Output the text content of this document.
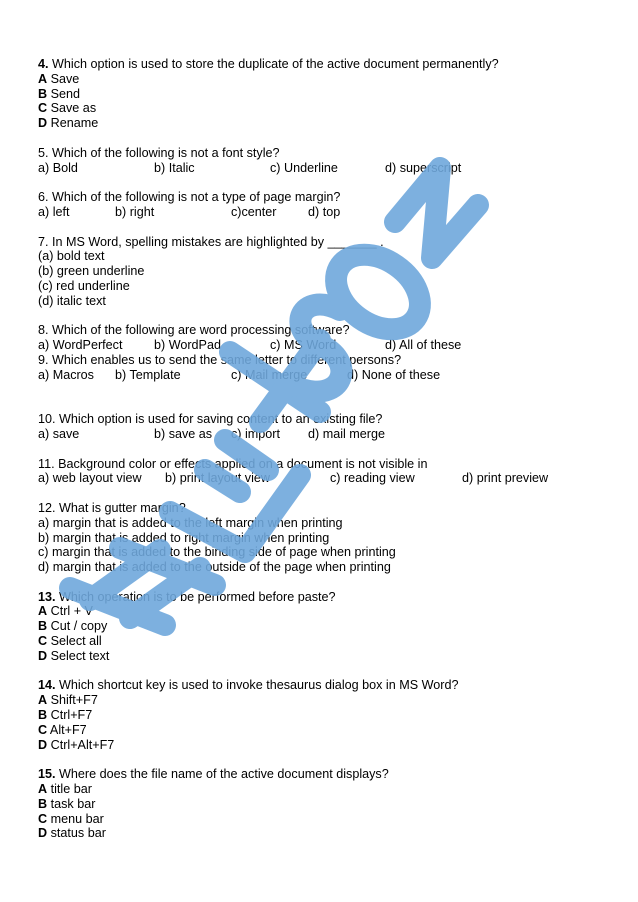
4. Which option is used to store the duplicate of the active document permanently?
A Save
B Send
C Save as
D Rename
5. Which of the following is not a font style?
a) Bold	b) Italic	c) Underline	d) superscript
6. Which of the following is not a type of page margin?
a) left	b) right	c)center	d) top
7. In MS Word, spelling mistakes are highlighted by _______ .
(a) bold text
(b) green underline
(c) red underline
(d) italic text
8. Which of the following are word processing software?
a) WordPerfect	b) WordPad	c) MS Word	d) All of these
9. Which enables us to send the same letter to different persons?
a) Macros b) Template	c) Mail merge	d) None of these
10. Which option is used for saving content to an existing file?
a) save	b) save as c) import d) mail merge
11. Background color or effects applied on a document is not visible in
a) web layout view b) print layout view	c) reading view	d) print preview
12. What is gutter margin?
a) margin that is added to the left margin when printing
b) margin that is added to right margin when printing
c) margin that is added to the binding side of page when printing
d) margin that is added to the outside of the page when printing
13. Which operation is to be performed before paste?
A Ctrl + V
B Cut / copy
C Select all
D Select text
14. Which shortcut key is used to invoke thesaurus dialog box in MS Word?
A Shift+F7
B Ctrl+F7
C Alt+F7
D Ctrl+Alt+F7
15. Where does the file name of the active document displays?
A title bar
B task bar
C menu bar
D status bar
